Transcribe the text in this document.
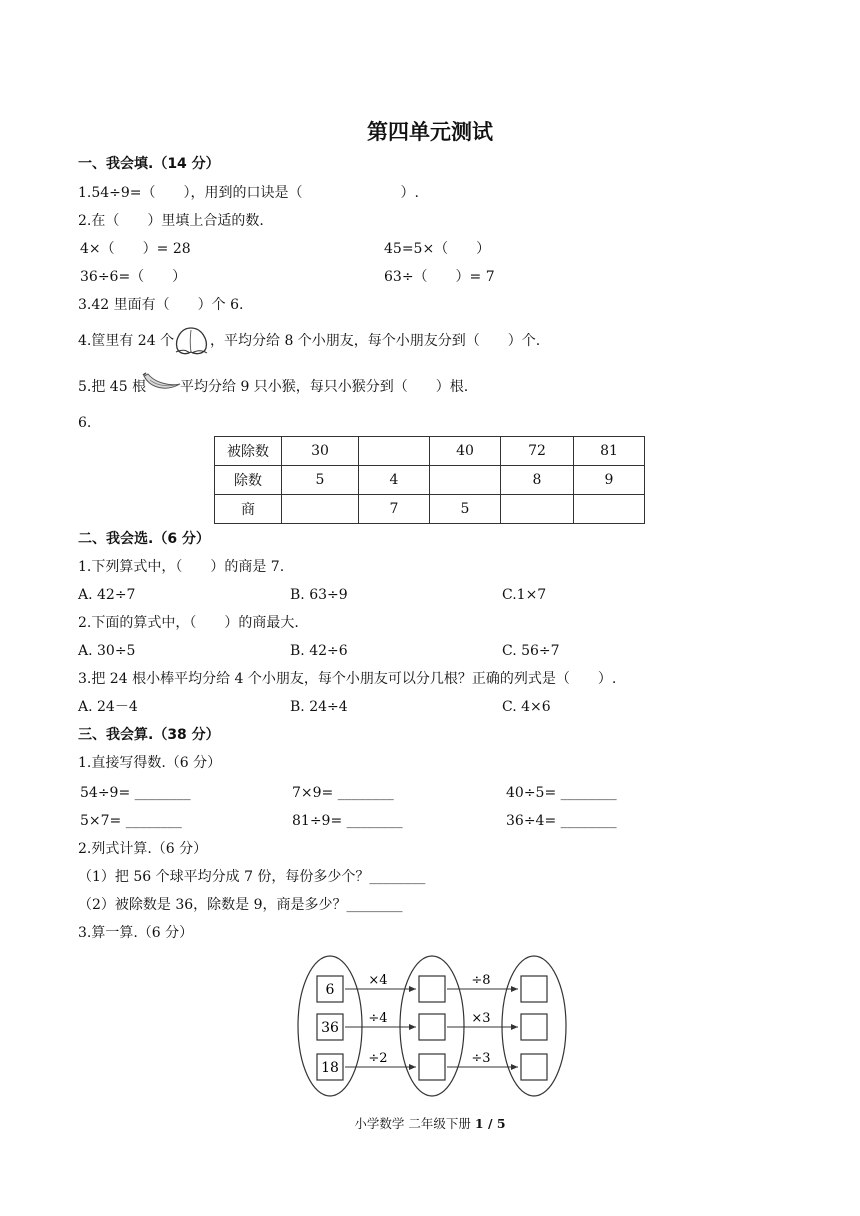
第四单元测试
一、我会填.（14 分）
1.54÷9=（　　），用到的口诀是（　　　　　　　）.
2.在（　　）里填上合适的数.
4×（　　）= 28	45=5×（　　）
36÷6=（　　）	63÷（　　）= 7
3.42 里面有（　　）个 6.
4.筐里有 24 个	，平均分给 8 个小朋友，每个小朋友分到（　　）个.
5.把 45 根 平均分给 9 只小猴，每只小猴分到（　　）根.
6.
被除数	30		40	72	81
除数	5	4		8	9
商		7	5		
二、我会选.（6 分）
1.下列算式中，（　　）的商是 7.
A. 42÷7	B. 63÷9	C.1×7
2.下面的算式中，（　　）的商最大.
A. 30÷5	B. 42÷6	C. 56÷7
3.把 24 根小棒平均分给 4 个小朋友，每个小朋友可以分几根？正确的列式是（　　）.
A. 24－4	B. 24÷4	C. 4×6
三、我会算.（38 分）
1.直接写得数.（6 分）
54÷9= ________	7×9= ________	40÷5= ________
5×7= ________	81÷9= ________	36÷4= ________
2.列式计算.（6 分）
（1）把 56 个球平均分成 7 份，每份多少个？________
（2）被除数是 36，除数是 9，商是多少？________
3.算一算.（6 分）
6
36
18
×4
÷4
÷2
÷8
×3
÷3
小学数学 二年级下册 1 / 5
